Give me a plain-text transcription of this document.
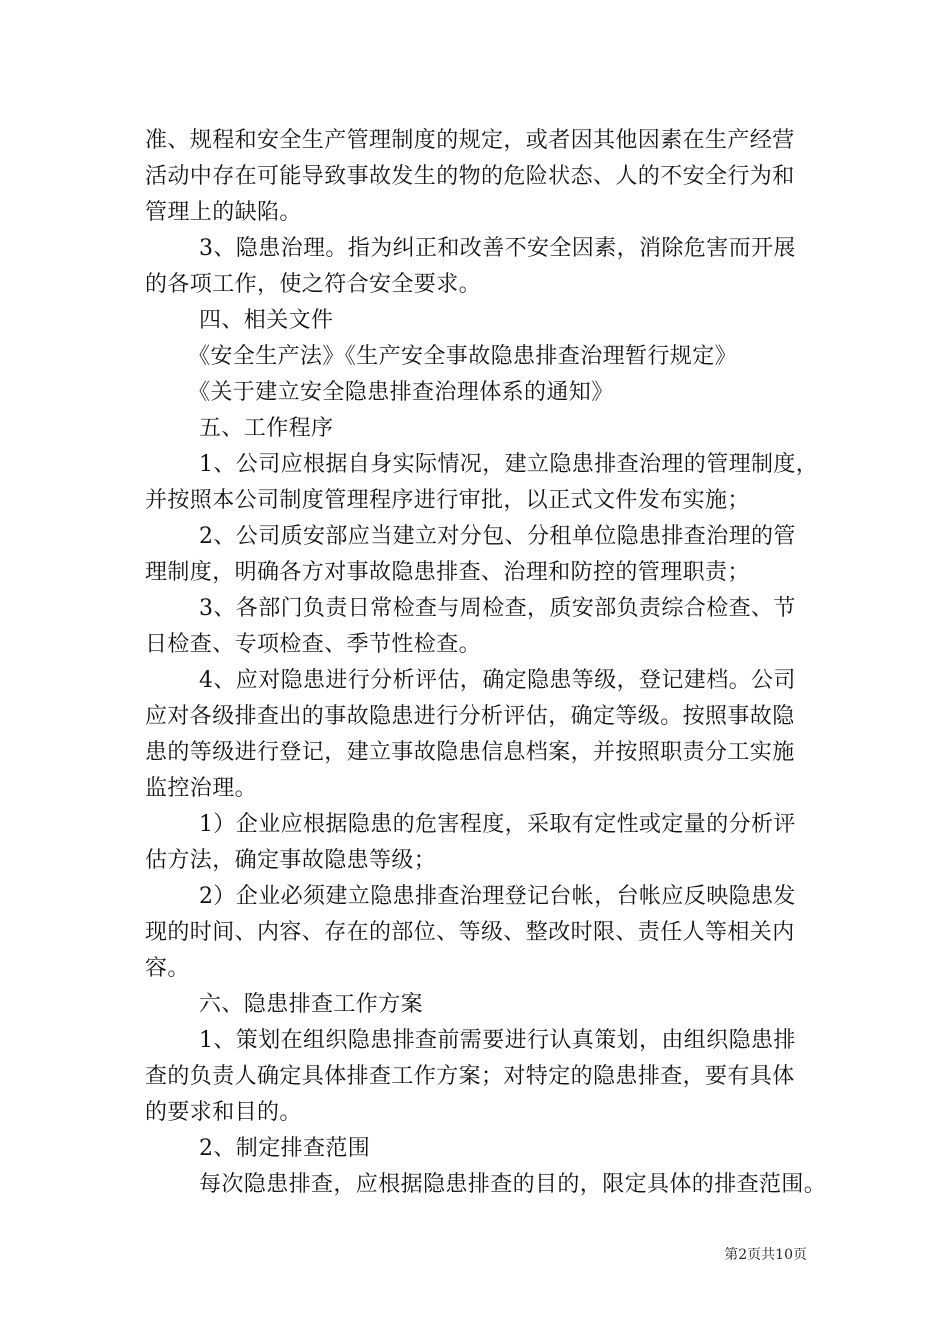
准、规程和安全生产管理制度的规定，或者因其他因素在生产经营
活动中存在可能导致事故发生的物的危险状态、人的不安全行为和
管理上的缺陷。
3、隐患治理。指为纠正和改善不安全因素，消除危害而开展
的各项工作，使之符合安全要求。
四、相关文件
《安全生产法》《生产安全事故隐患排查治理暂行规定》
《关于建立安全隐患排查治理体系的通知》
五、工作程序
1、公司应根据自身实际情况，建立隐患排查治理的管理制度，
并按照本公司制度管理程序进行审批，以正式文件发布实施；
2、公司质安部应当建立对分包、分租单位隐患排查治理的管
理制度，明确各方对事故隐患排查、治理和防控的管理职责；
3、各部门负责日常检查与周检查，质安部负责综合检查、节
日检查、专项检查、季节性检查。
4、应对隐患进行分析评估，确定隐患等级，登记建档。公司
应对各级排查出的事故隐患进行分析评估，确定等级。按照事故隐
患的等级进行登记，建立事故隐患信息档案，并按照职责分工实施
监控治理。
1）企业应根据隐患的危害程度，采取有定性或定量的分析评
估方法，确定事故隐患等级；
2）企业必须建立隐患排查治理登记台帐，台帐应反映隐患发
现的时间、内容、存在的部位、等级、整改时限、责任人等相关内
容。
六、隐患排查工作方案
1、策划在组织隐患排查前需要进行认真策划，由组织隐患排
查的负责人确定具体排查工作方案；对特定的隐患排查，要有具体
的要求和目的。
2、制定排查范围
每次隐患排查，应根据隐患排查的目的，限定具体的排查范围。
第2页共10页
